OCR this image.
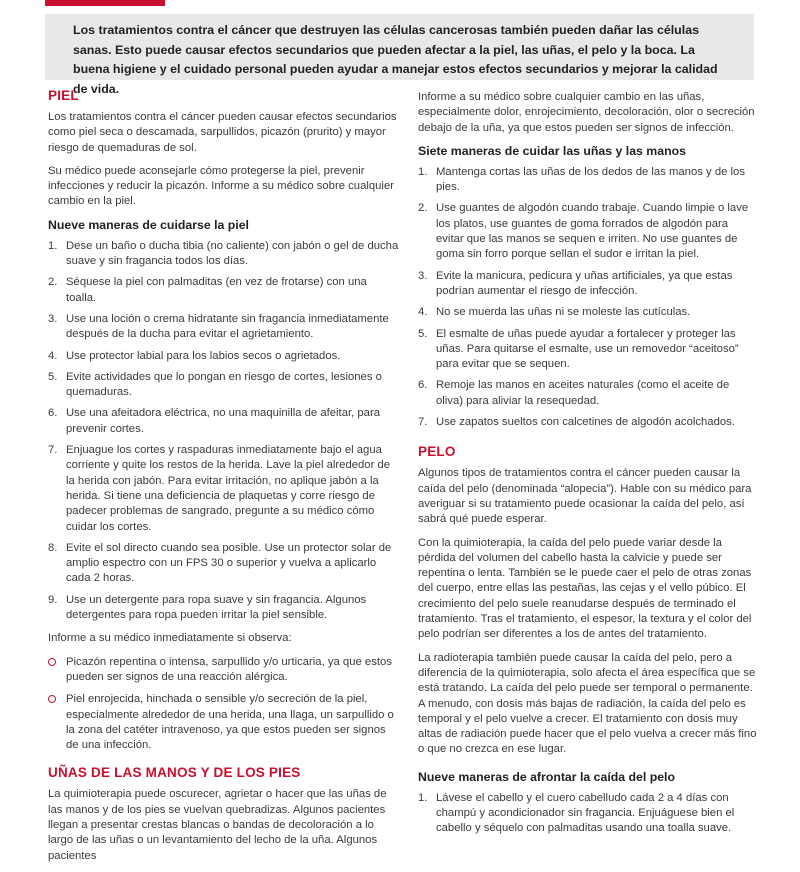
Los tratamientos contra el cáncer que destruyen las células cancerosas también pueden dañar las células sanas. Esto puede causar efectos secundarios que pueden afectar a la piel, las uñas, el pelo y la boca. La buena higiene y el cuidado personal pueden ayudar a manejar estos efectos secundarios y mejorar la calidad de vida.
PIEL

Los tratamientos contra el cáncer pueden causar efectos secundarios como piel seca o descamada, sarpullidos, picazón (prurito) y mayor riesgo de quemaduras de sol.

Su médico puede aconsejarle cómo protegerse la piel, prevenir infecciones y reducir la picazón. Informe a su médico sobre cualquier cambio en la piel.

Nueve maneras de cuidarse la piel
1. Dese un baño o ducha tibia (no caliente) con jabón o gel de ducha suave y sin fragancia todos los días.
2. Séquese la piel con palmaditas (en vez de frotarse) con una toalla.
3. Use una loción o crema hidratante sin fragancia inmediatamente después de la ducha para evitar el agrietamiento.
4. Use protector labial para los labios secos o agrietados.
5. Evite actividades que lo pongan en riesgo de cortes, lesiones o quemaduras.
6. Use una afeitadora eléctrica, no una maquinilla de afeitar, para prevenir cortes.
7. Enjuague los cortes y raspaduras inmediatamente bajo el agua corriente y quite los restos de la herida. Lave la piel alrededor de la herida con jabón. Para evitar irritación, no aplique jabón a la herida. Si tiene una deficiencia de plaquetas y corre riesgo de padecer problemas de sangrado, pregunte a su médico cómo cuidar los cortes.
8. Evite el sol directo cuando sea posible. Use un protector solar de amplio espectro con un FPS 30 o superior y vuelva a aplicarlo cada 2 horas.
9. Use un detergente para ropa suave y sin fragancia. Algunos detergentes para ropa pueden irritar la piel sensible.

Informe a su médico inmediatamente si observa:

Picazón repentina o intensa, sarpullido y/o urticaria, ya que estos pueden ser signos de una reacción alérgica.
Piel enrojecida, hinchada o sensible y/o secreción de la piel, especialmente alrededor de una herida, una llaga, un sarpullido o la zona del catéter intravenoso, ya que estos pueden ser signos de una infección.
UÑAS DE LAS MANOS Y DE LOS PIES

La quimioterapia puede oscurecer, agrietar o hacer que las uñas de las manos y de los pies se vuelvan quebradizas. Algunos pacientes llegan a presentar crestas blancas o bandas de decoloración a lo largo de las uñas o un levantamiento del lecho de la uña. Algunos pacientes

Informe a su médico sobre cualquier cambio en las uñas, especialmente dolor, enrojecimiento, decoloración, olor o secreción debajo de la uña, ya que estos pueden ser signos de infección.

Siete maneras de cuidar las uñas y las manos
1. Mantenga cortas las uñas de los dedos de las manos y de los pies.
2. Use guantes de algodón cuando trabaje. Cuando limpie o lave los platos, use guantes de goma forrados de algodón para evitar que las manos se sequen e irriten. No use guantes de goma sin forro porque sellan el sudor e irritan la piel.
3. Evite la manicura, pedicura y uñas artificiales, ya que estas podrían aumentar el riesgo de infección.
4. No se muerda las uñas ni se moleste las cutículas.
5. El esmalte de uñas puede ayudar a fortalecer y proteger las uñas. Para quitarse el esmalte, use un removedor “aceitoso” para evitar que se sequen.
6. Remoje las manos en aceites naturales (como el aceite de oliva) para aliviar la resequedad.
7. Use zapatos sueltos con calcetines de algodón acolchados.
PELO

Algunos tipos de tratamientos contra el cáncer pueden causar la caída del pelo (denominada “alopecia”). Hable con su médico para averiguar si su tratamiento puede ocasionar la caída del pelo, así sabrá qué puede esperar.

Con la quimioterapia, la caída del pelo puede variar desde la pérdida del volumen del cabello hasta la calvicie y puede ser repentina o lenta. También se le puede caer el pelo de otras zonas del cuerpo, entre ellas las pestañas, las cejas y el vello púbico. El crecimiento del pelo suele reanudarse después de terminado el tratamiento. Tras el tratamiento, el espesor, la textura y el color del pelo podrían ser diferentes a los de antes del tratamiento.

La radioterapia también puede causar la caída del pelo, pero a diferencia de la quimioterapia, solo afecta el área específica que se está tratando. La caída del pelo puede ser temporal o permanente. A menudo, con dosis más bajas de radiación, la caída del pelo es temporal y el pelo vuelve a crecer. El tratamiento con dosis muy altas de radiación puede hacer que el pelo vuelva a crecer más fino o que no crezca en ese lugar.

Nueve maneras de afrontar la caída del pelo
1. Lávese el cabello y el cuero cabelludo cada 2 a 4 días con champú y acondicionador sin fragancia. Enjuáguese bien el cabello y séquelo con palmaditas usando una toalla suave.
